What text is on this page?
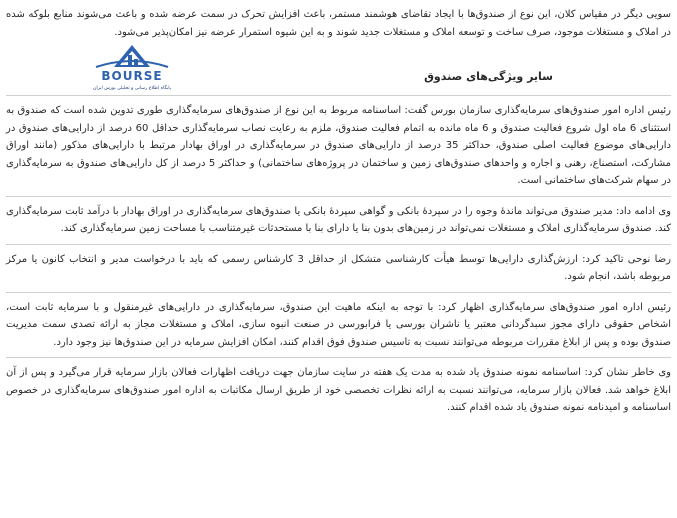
سویی دیگر در مقیاس کلان، این نوع از صندوق‌ها با ایجاد تقاضای هوشمند مستمر، باعث افزایش تحرک در سمت عرضه شده و باعث می‌شوند منابع بلوکه شده در املاک و مستغلات موجود، صرف ساخت و توسعه املاک و مستغلات جدید شوند و به این شیوه استمرار عرضه نیز امکان‌پذیر می‌شود.

BOURSE
پایگاه اطلاع رسانی و تحلیلی بورس ایران
سایر ویژگی‌های صندوق

رئیس اداره امور صندوق‌های سرمایه‌گذاری سازمان بورس گفت: اساسنامه مربوط به این نوع از صندوق‌های سرمایه‌گذاری طوری تدوین شده است که صندوق به استثنای 6 ماه اول شروع فعالیت صندوق و 6 ماه مانده به اتمام فعالیت صندوق، ملزم به رعایت نصاب سرمایه‌گذاری حداقل 60 درصد از دارایی‌های صندوق در دارایی‌های موضوع فعالیت اصلی صندوق، حداکثر 35 درصد از دارایی‌های صندوق در سرمایه‌گذاری در اوراق بهادار مرتبط با دارایی‌های مذکور (مانند اوراق مشارکت، استصناع، رهنی و اجاره و واحدهای صندوق‌های زمین و ساختمان در پروژه‌های ساختمانی) و حداکثر 5 درصد از کل دارایی‌های صندوق به سرمایه‌گذاری در سهام شرکت‌های ساختمانی است.

وی ادامه داد: مدیر صندوق می‌تواند ماندهٔ وجوه را در سپردهٔ بانکی و گواهی سپردهٔ بانکی یا صندوق‌های سرمایه‌گذاری در اوراق بهادار با درآمد ثابت سرمایه‌گذاری کند. صندوق سرمایه‌گذاری املاک و مستغلات نمی‌تواند در زمین‌های بدون بنا یا دارای بنا با مستحدثات غیرمتناسب با مساحت زمین سرمایه‌گذاری کند.

رضا نوحی تاکید کرد: ارزش‌گذاری دارایی‌ها توسط هیأت کارشناسی متشکل از حداقل 3 کارشناس رسمی که باید با درخواست مدیر و انتخاب کانون یا مرکز مربوطه باشد، انجام شود.

رئیس اداره امور صندوق‌های سرمایه‌گذاری اظهار کرد: با توجه به اینکه ماهیت این صندوق، سرمایه‌گذاری در دارایی‌های غیرمنقول و با سرمایه ثابت است، اشخاص حقوقی دارای مجوز سبدگردانی معتبر یا ناشران بورسی یا فرابورسی در صنعت انبوه سازی، املاک و مستغلات مجاز به ارائه تصدی سمت مدیریت صندوق بوده و پس از ابلاغ مقررات مربوطه می‌توانند نسبت به تاسیس صندوق فوق اقدام کنند، امکان افزایش سرمایه در این صندوق‌ها نیز وجود دارد.

وی خاطر نشان کرد: اساسنامه نمونه صندوق یاد شده به مدت یک هفته در سایت سازمان جهت دریافت اظهارات فعالان بازار سرمایه قرار می‌گیرد و پس از آن ابلاغ خواهد شد. فعالان بازار سرمایه، می‌توانند نسبت به ارائه نظرات تخصصی خود از طریق ارسال مکاتبات به اداره امور صندوق‌های سرمایه‌گذاری در خصوص اساسنامه و امیدنامه نمونه صندوق یاد شده اقدام کنند.
